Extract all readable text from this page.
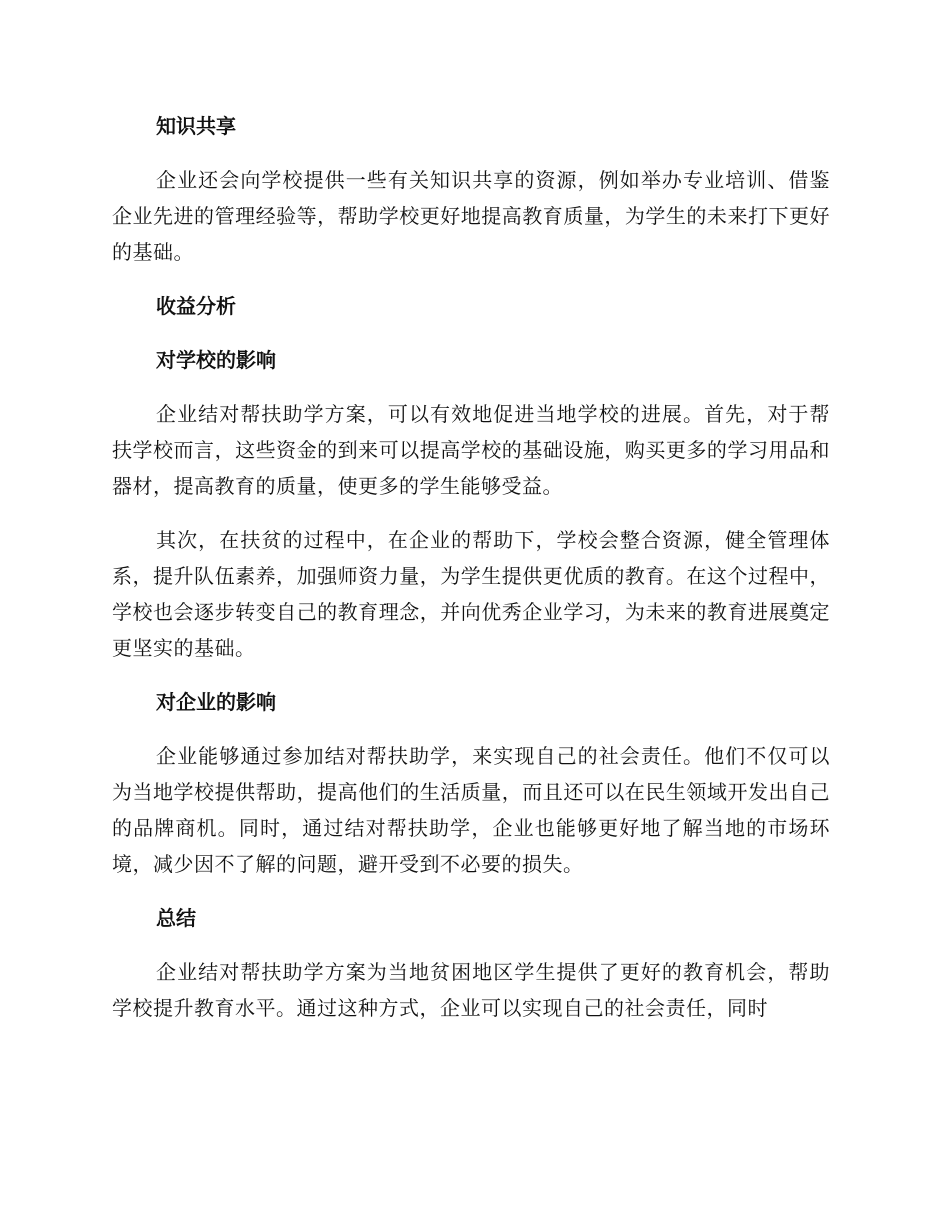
知识共享

企业还会向学校提供一些有关知识共享的资源，例如举办专业培训、借鉴企业先进的管理经验等，帮助学校更好地提高教育质量，为学生的未来打下更好的基础。

收益分析
对学校的影响

企业结对帮扶助学方案，可以有效地促进当地学校的进展。首先，对于帮扶学校而言，这些资金的到来可以提高学校的基础设施，购买更多的学习用品和器材，提高教育的质量，使更多的学生能够受益。

其次，在扶贫的过程中，在企业的帮助下，学校会整合资源，健全管理体系，提升队伍素养，加强师资力量，为学生提供更优质的教育。在这个过程中，学校也会逐步转变自己的教育理念，并向优秀企业学习，为未来的教育进展奠定更坚实的基础。

对企业的影响

企业能够通过参加结对帮扶助学，来实现自己的社会责任。他们不仅可以为当地学校提供帮助，提高他们的生活质量，而且还可以在民生领域开发出自己的品牌商机。同时，通过结对帮扶助学，企业也能够更好地了解当地的市场环境，减少因不了解的问题，避开受到不必要的损失。

总结

企业结对帮扶助学方案为当地贫困地区学生提供了更好的教育机会，帮助学校提升教育水平。通过这种方式，企业可以实现自己的社会责任，同时
